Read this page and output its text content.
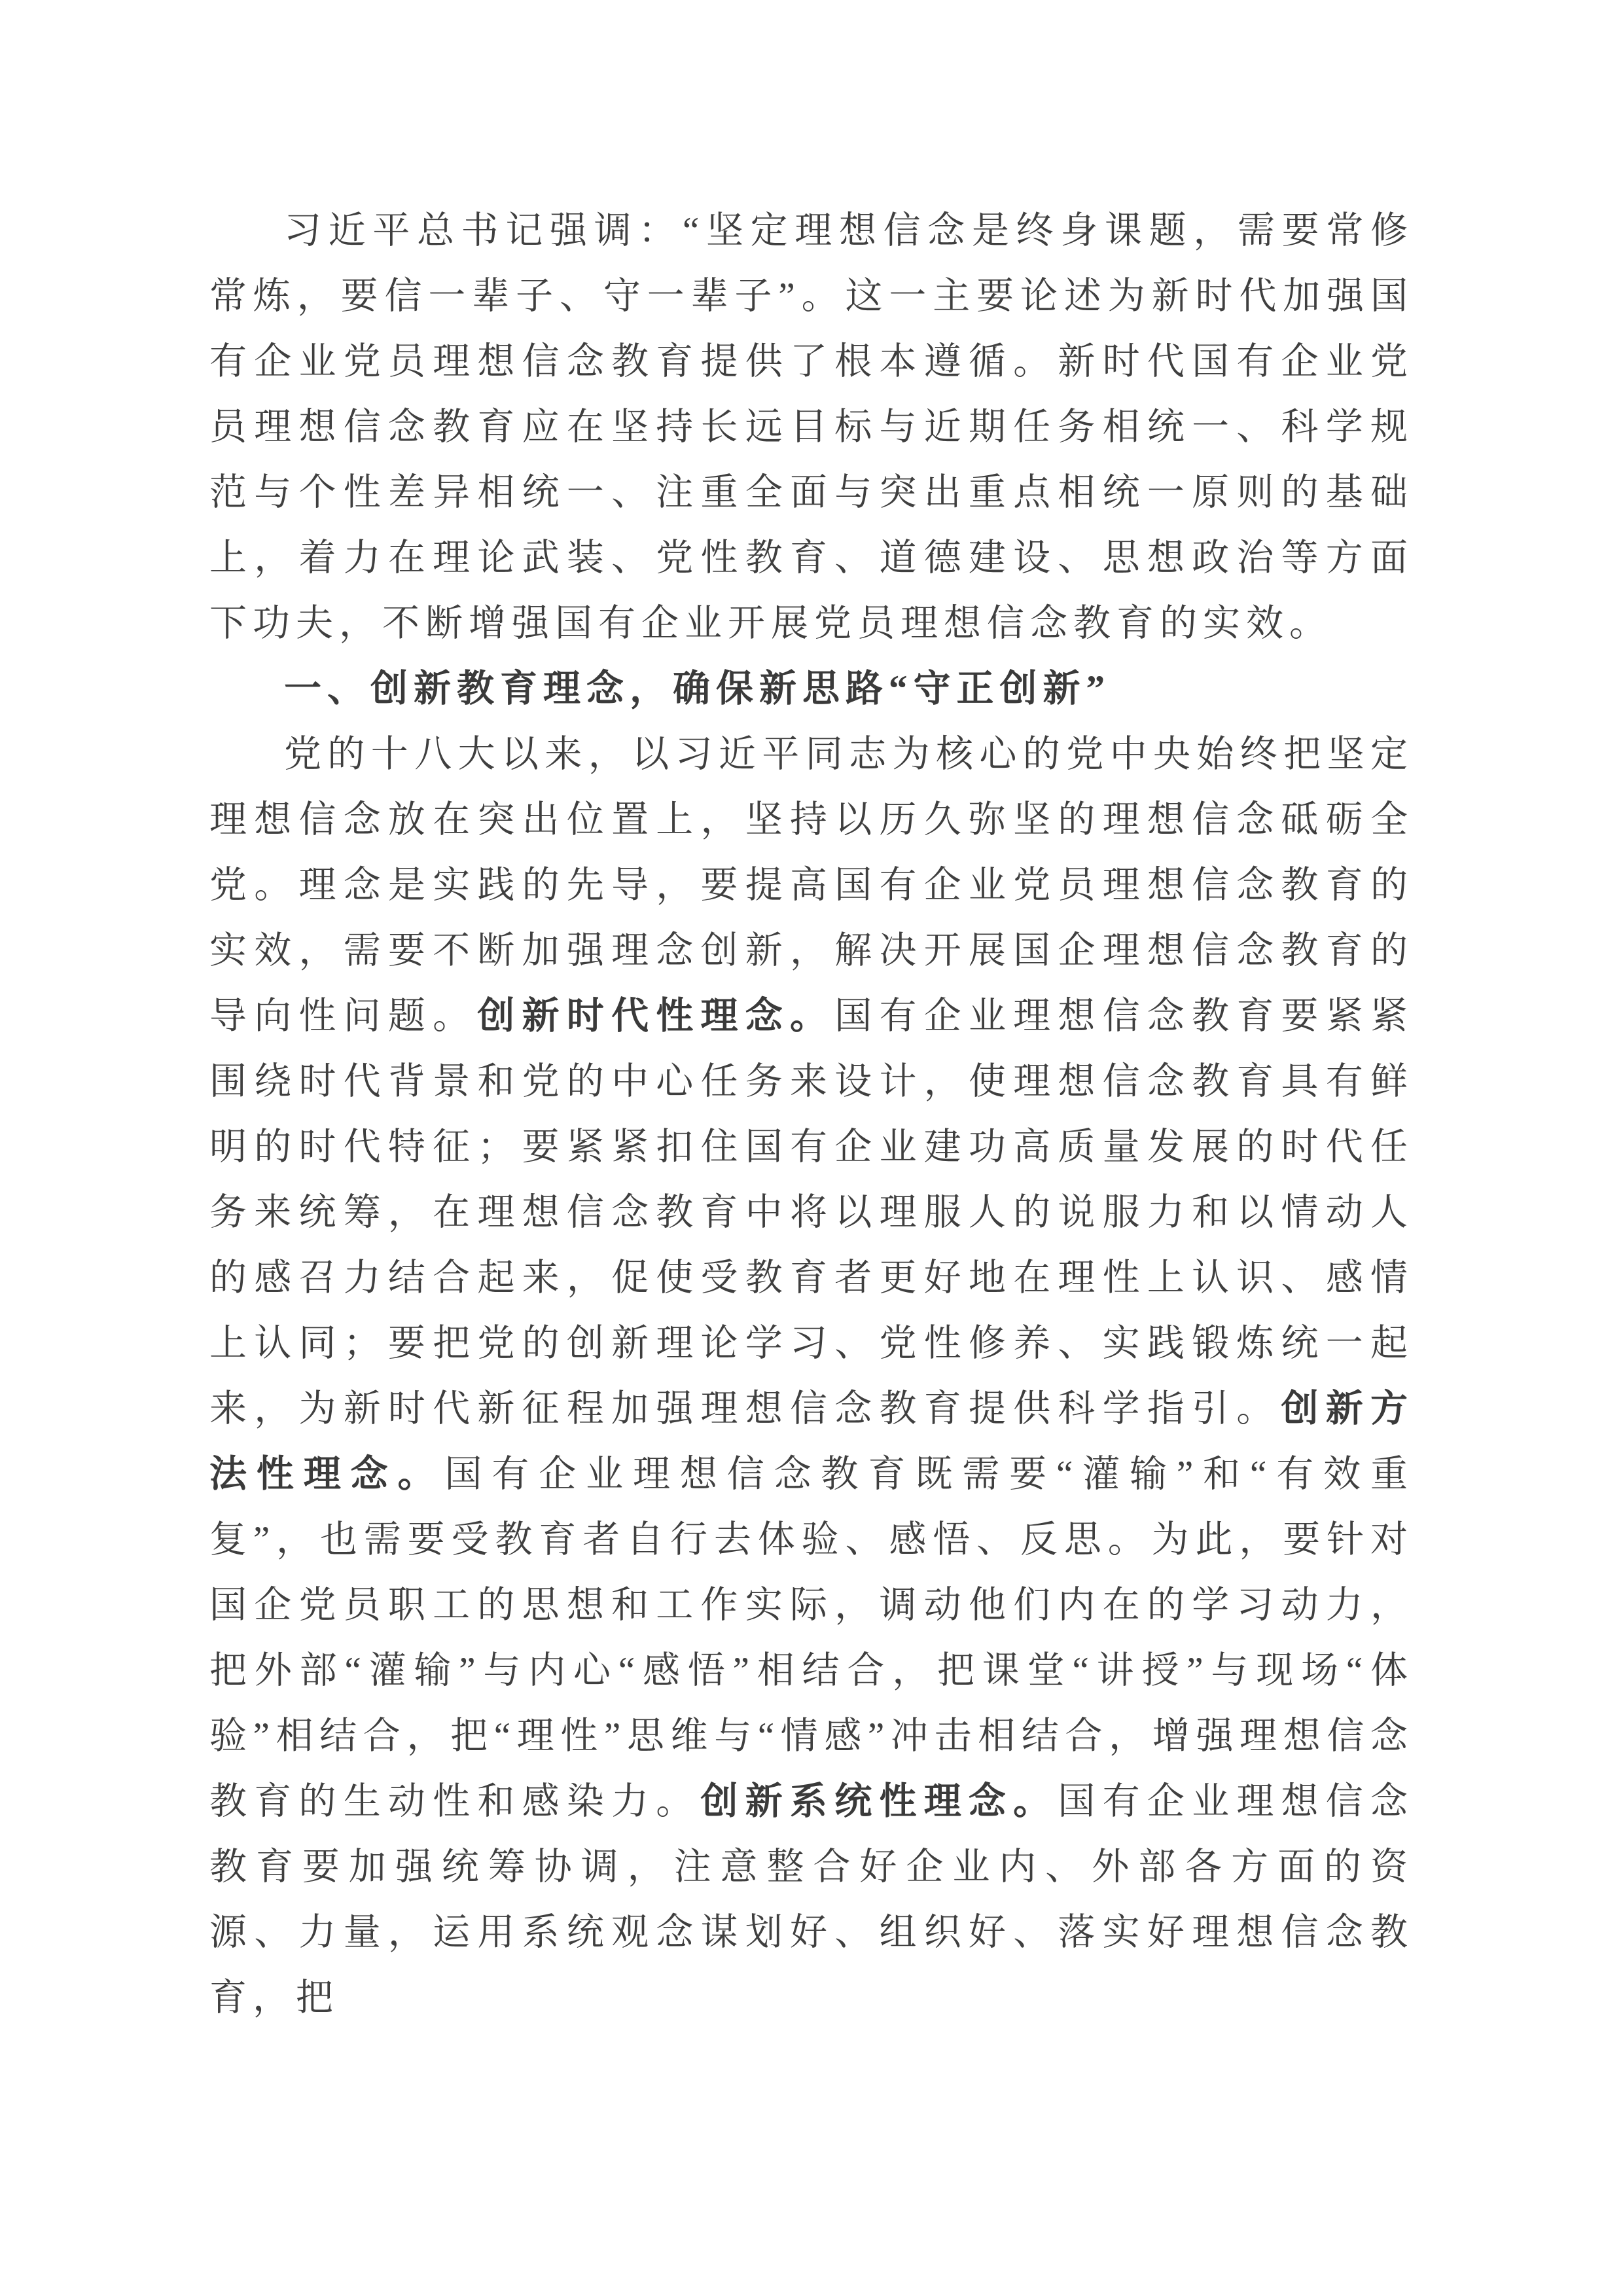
习近平总书记强调：“坚定理想信念是终身课题，需要常修常炼，要信一辈子、守一辈子”。这一主要论述为新时代加强国有企业党员理想信念教育提供了根本遵循。新时代国有企业党员理想信念教育应在坚持长远目标与近期任务相统一、科学规范与个性差异相统一、注重全面与突出重点相统一原则的基础上，着力在理论武装、党性教育、道德建设、思想政治等方面下功夫，不断增强国有企业开展党员理想信念教育的实效。

一、创新教育理念，确保新思路“守正创新”

党的十八大以来，以习近平同志为核心的党中央始终把坚定理想信念放在突出位置上，坚持以历久弥坚的理想信念砥砺全党。理念是实践的先导，要提高国有企业党员理想信念教育的实效，需要不断加强理念创新，解决开展国企理想信念教育的导向性问题。创新时代性理念。国有企业理想信念教育要紧紧围绕时代背景和党的中心任务来设计，使理想信念教育具有鲜明的时代特征；要紧紧扣住国有企业建功高质量发展的时代任务来统筹，在理想信念教育中将以理服人的说服力和以情动人的感召力结合起来，促使受教育者更好地在理性上认识、感情上认同；要把党的创新理论学习、党性修养、实践锻炼统一起来，为新时代新征程加强理想信念教育提供科学指引。创新方法性理念。国有企业理想信念教育既需要“灌输”和“有效重复”，也需要受教育者自行去体验、感悟、反思。为此，要针对国企党员职工的思想和工作实际，调动他们内在的学习动力，把外部“灌输”与内心“感悟”相结合，把课堂“讲授”与现场“体验”相结合，把“理性”思维与“情感”冲击相结合，增强理想信念教育的生动性和感染力。创新系统性理念。国有企业理想信念教育要加强统筹协调，注意整合好企业内、外部各方面的资源、力量，运用系统观念谋划好、组织好、落实好理想信念教育，把
